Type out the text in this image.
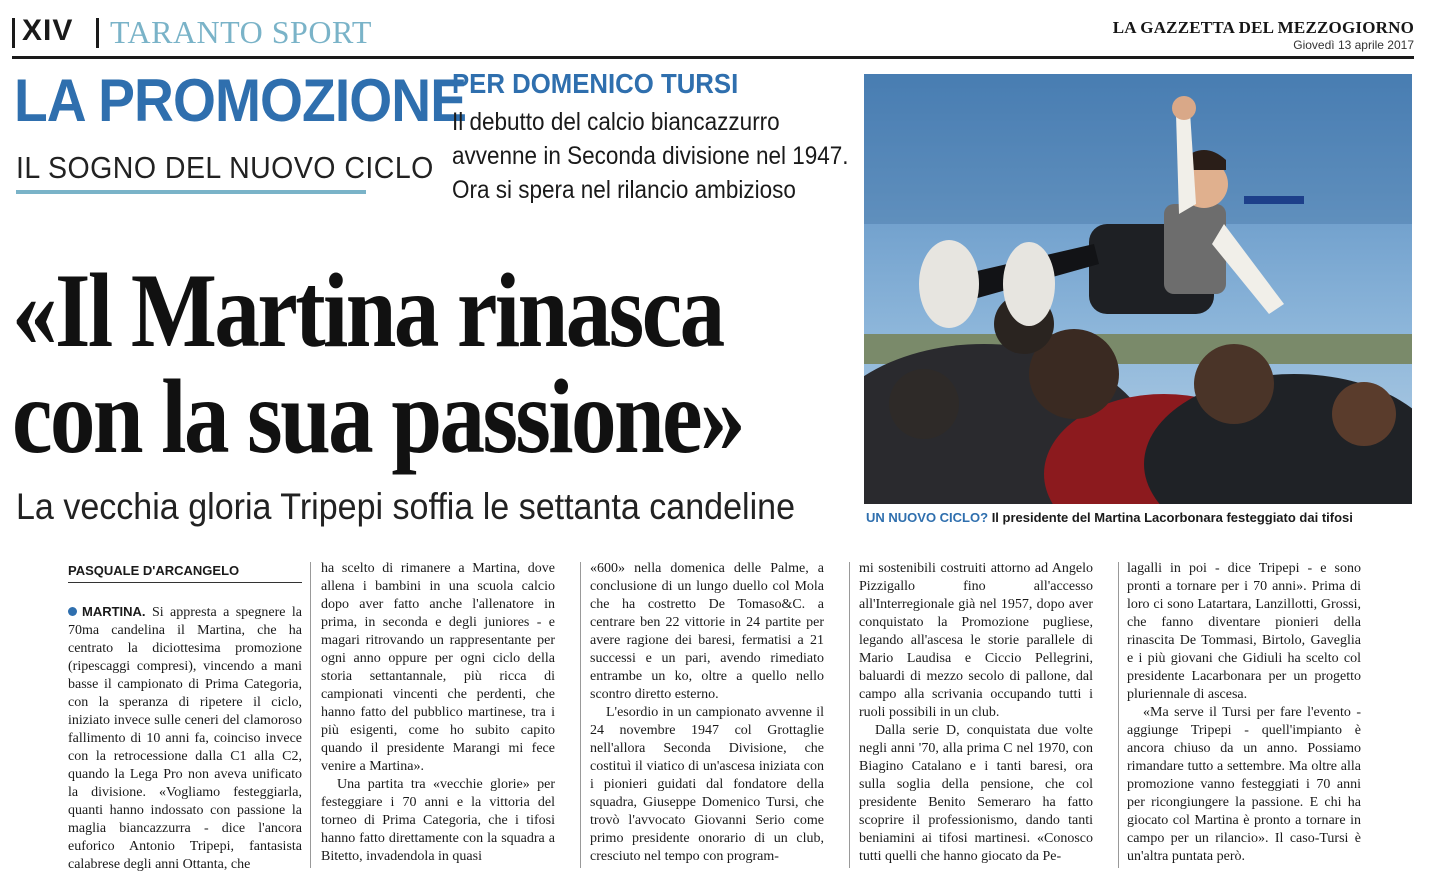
XIV TARANTO SPORT	LA GAZZETTA DEL MEZZOGIORNO
Giovedì 13 aprile 2017
LA PROMOZIONE
IL SOGNO DEL NUOVO CICLO
PER DOMENICO TURSI
Il debutto del calcio biancazzurro
avvenne in Seconda divisione nel 1947.
Ora si spera nel rilancio ambizioso
«Il Martina rinasca
con la sua passione»
La vecchia gloria Tripepi soffia le settanta candeline	UN NUOVO CICLO? Il presidente del Martina Lacorbonara festeggiato dai tifosi
PASQUALE D'ARCANGELO

MARTINA. Si appresta a spegnere la 70ma candelina il Martina, che ha centrato la diciottesima promozione (ripescaggi compresi), vincendo a mani basse il campionato di Prima Categoria, con la speranza di ripetere il ciclo, iniziato invece sulle ceneri del clamoroso fallimento di 10 anni fa, coinciso invece con la retrocessione dalla C1 alla C2, quando la Lega Pro non aveva unificato la divisione. «Vogliamo festeggiarla, quanti hanno indossato con passione la maglia biancazzurra - dice l'ancora euforico Antonio Tripepi, fantasista calabrese degli anni Ottanta, che

ha scelto di rimanere a Martina, dove allena i bambini in una scuola calcio dopo aver fatto anche l'allenatore in prima, in seconda e degli juniores - e magari ritrovando un rappresentante per ogni anno oppure per ogni ciclo della storia settantannale, più ricca di campionati vincenti che perdenti, che hanno fatto del pubblico martinese, tra i più esigenti, come ho subito capito quando il presidente Marangi mi fece venire a Martina».

Una partita tra «vecchie glorie» per festeggiare i 70 anni e la vittoria del torneo di Prima Categoria, che i tifosi hanno fatto direttamente con la squadra a Bitetto, invadendola in quasi

«600» nella domenica delle Palme, a conclusione di un lungo duello col Mola che ha costretto De Tomaso&C. a centrare ben 22 vittorie in 24 partite per avere ragione dei baresi, fermatisi a 21 successi e un pari, avendo rimediato entrambe un ko, oltre a quello nello scontro diretto esterno.

L'esordio in un campionato avvenne il 24 novembre 1947 col Grottaglie nell'allora Seconda Divisione, che costituì il viatico di un'ascesa iniziata con i pionieri guidati dal fondatore della squadra, Giuseppe Domenico Tursi, che trovò l'avvocato Giovanni Serio come primo presidente onorario di un club, cresciuto nel tempo con program-

mi sostenibili costruiti attorno ad Angelo Pizzigallo fino all'accesso all'Interregionale già nel 1957, dopo aver conquistato la Promozione pugliese, legando all'ascesa le storie parallele di Mario Laudisa e Ciccio Pellegrini, baluardi di mezzo secolo di pallone, dal campo alla scrivania occupando tutti i ruoli possibili in un club.

Dalla serie D, conquistata due volte negli anni '70, alla prima C nel 1970, con Biagino Catalano e i tanti baresi, ora sulla soglia della pensione, che col presidente Benito Semeraro ha fatto scoprire il professionismo, dando tanti beniamini ai tifosi martinesi. «Conosco tutti quelli che hanno giocato da Pe-

lagalli in poi - dice Tripepi - e sono pronti a tornare per i 70 anni». Prima di loro ci sono Latartara, Lanzillotti, Grossi, che fanno diventare pionieri della rinascita De Tommasi, Birtolo, Gaveglia e i più giovani che Gidiuli ha scelto col presidente Lacarbonara per un progetto pluriennale di ascesa.

«Ma serve il Tursi per fare l'evento - aggiunge Tripepi - quell'impianto è ancora chiuso da un anno. Possiamo rimandare tutto a settembre. Ma oltre alla promozione vanno festeggiati i 70 anni per ricongiungere la passione. E chi ha giocato col Martina è pronto a tornare in campo per un rilancio». Il caso-Tursi è un'altra puntata però.
